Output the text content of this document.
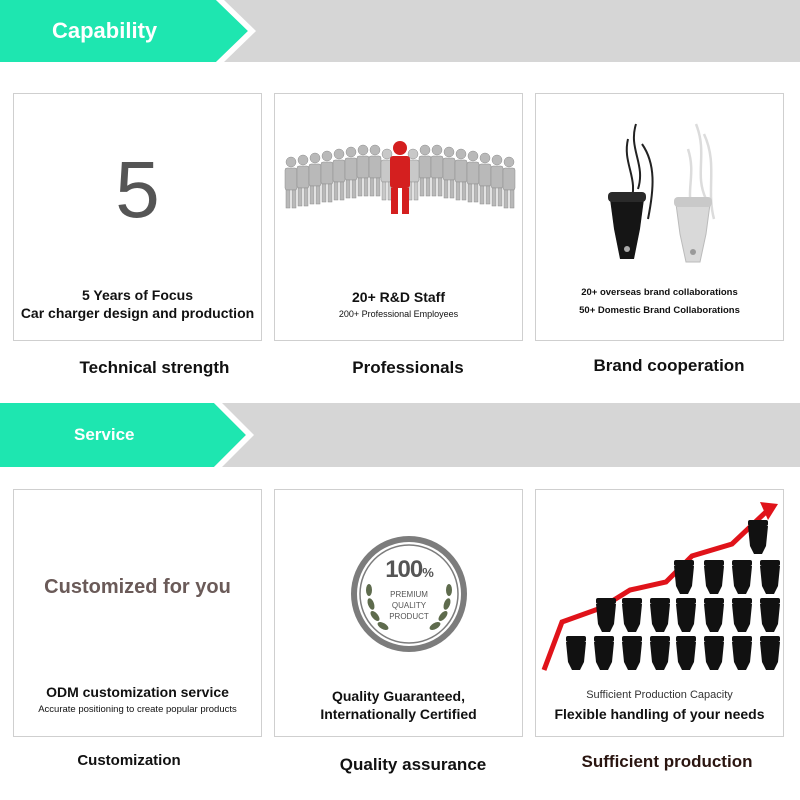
Capability
5
5 Years of Focus
Car charger design and production
Technical strength
20+ R&D Staff
200+ Professional Employees
Professionals
20+ overseas brand collaborations
50+ Domestic Brand Collaborations
Brand cooperation
Service
Customized for you
ODM customization service
Accurate positioning to create popular products
Customization
100%
PREMIUM
QUALITY
PRODUCT
Quality Guaranteed,
Internationally Certified
Quality assurance
Sufficient Production Capacity
Flexible handling of your needs
Sufficient production
